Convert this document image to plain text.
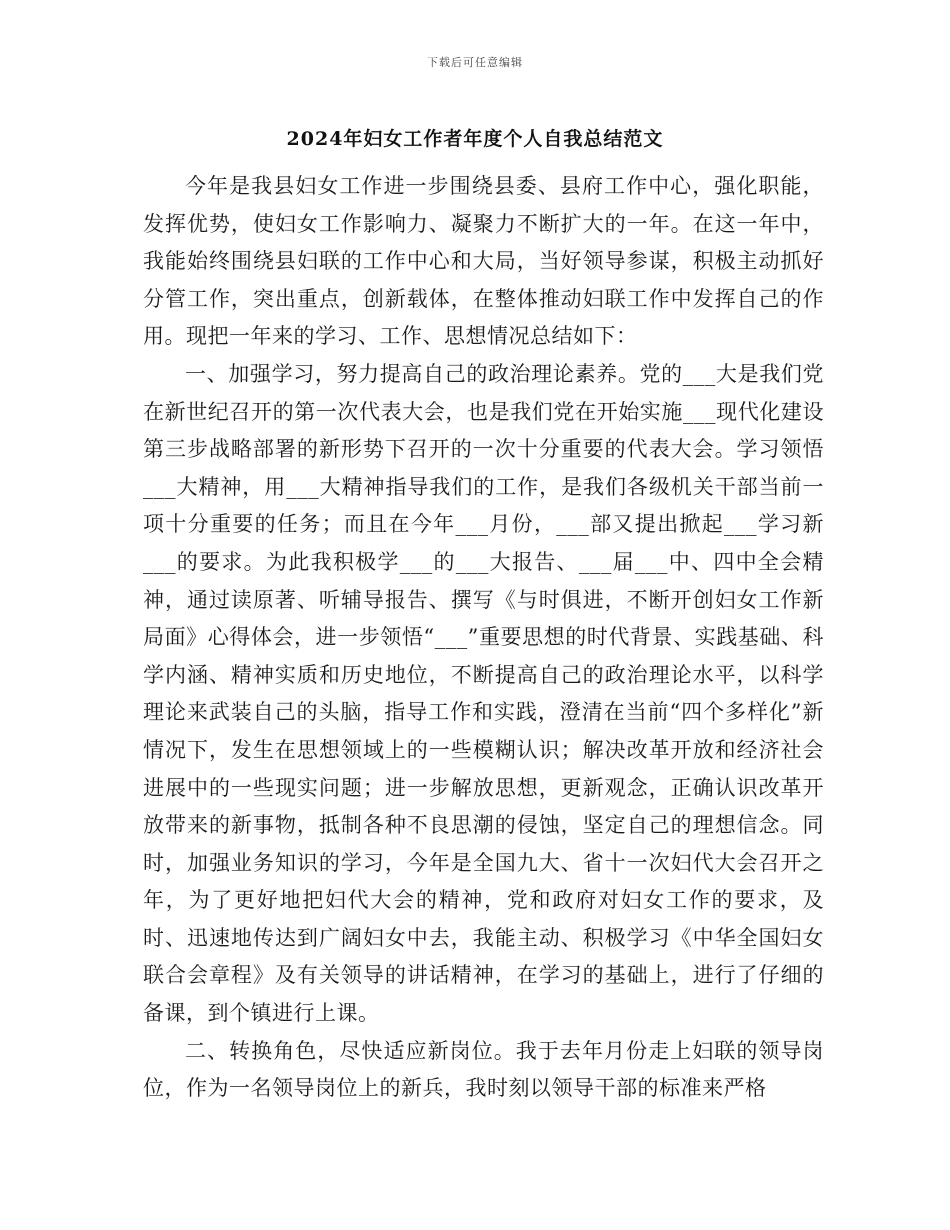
下载后可任意编辑
2024年妇女工作者年度个人自我总结范文

今年是我县妇女工作进一步围绕县委、县府工作中心，强化职能，发挥优势，使妇女工作影响力、凝聚力不断扩大的一年。在这一年中，我能始终围绕县妇联的工作中心和大局，当好领导参谋，积极主动抓好分管工作，突出重点，创新载体，在整体推动妇联工作中发挥自己的作用。现把一年来的学习、工作、思想情况总结如下：

一、加强学习，努力提高自己的政治理论素养。党的___大是我们党在新世纪召开的第一次代表大会，也是我们党在开始实施___现代化建设第三步战略部署的新形势下召开的一次十分重要的代表大会。学习领悟___大精神，用___大精神指导我们的工作，是我们各级机关干部当前一项十分重要的任务；而且在今年___月份，___部又提出掀起___学习新___的要求。为此我积极学___的___大报告、___届___中、四中全会精神，通过读原著、听辅导报告、撰写《与时俱进，不断开创妇女工作新局面》心得体会，进一步领悟“___”重要思想的时代背景、实践基础、科学内涵、精神实质和历史地位，不断提高自己的政治理论水平，以科学理论来武装自己的头脑，指导工作和实践，澄清在当前“四个多样化”新情况下，发生在思想领域上的一些模糊认识；解决改革开放和经济社会进展中的一些现实问题；进一步解放思想，更新观念，正确认识改革开放带来的新事物，抵制各种不良思潮的侵蚀，坚定自己的理想信念。同时，加强业务知识的学习，今年是全国九大、省十一次妇代大会召开之年，为了更好地把妇代大会的精神，党和政府对妇女工作的要求，及时、迅速地传达到广阔妇女中去，我能主动、积极学习《中华全国妇女联合会章程》及有关领导的讲话精神，在学习的基础上，进行了仔细的备课，到个镇进行上课。

二、转换角色，尽快适应新岗位。我于去年月份走上妇联的领导岗位，作为一名领导岗位上的新兵，我时刻以领导干部的标准来严格
